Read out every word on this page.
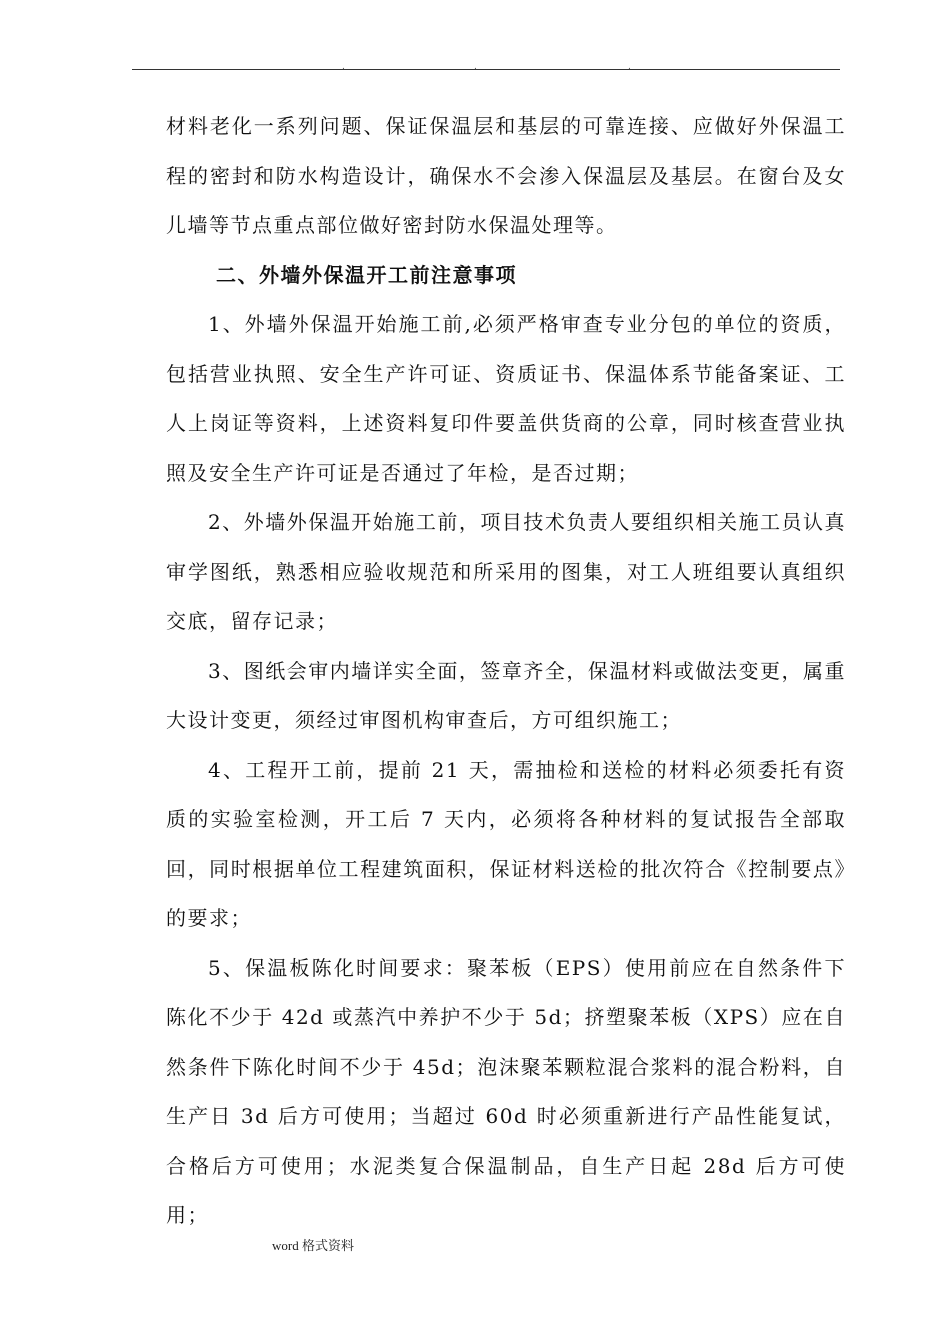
.	.	.

材料老化一系列问题、保证保温层和基层的可靠连接、应做好外保温工程的密封和防水构造设计，确保水不会渗入保温层及基层。在窗台及女儿墙等节点重点部位做好密封防水保温处理等。

二、外墙外保温开工前注意事项

1、外墙外保温开始施工前,必须严格审查专业分包的单位的资质，包括营业执照、安全生产许可证、资质证书、保温体系节能备案证、工人上岗证等资料，上述资料复印件要盖供货商的公章，同时核查营业执照及安全生产许可证是否通过了年检，是否过期；

2、外墙外保温开始施工前，项目技术负责人要组织相关施工员认真审学图纸，熟悉相应验收规范和所采用的图集，对工人班组要认真组织交底，留存记录；

3、图纸会审内墙详实全面，签章齐全，保温材料或做法变更，属重大设计变更，须经过审图机构审查后，方可组织施工；

4、工程开工前，提前 21 天，需抽检和送检的材料必须委托有资质的实验室检测，开工后 7 天内，必须将各种材料的复试报告全部取回，同时根据单位工程建筑面积，保证材料送检的批次符合《控制要点》的要求；

5、保温板陈化时间要求：聚苯板（EPS）使用前应在自然条件下陈化不少于 42d 或蒸汽中养护不少于 5d；挤塑聚苯板（XPS）应在自然条件下陈化时间不少于 45d；泡沫聚苯颗粒混合浆料的混合粉料，自生产日 3d 后方可使用；当超过 60d 时必须重新进行产品性能复试，合格后方可使用；水泥类复合保温制品，自生产日起 28d 后方可使用；

word 格式资料
